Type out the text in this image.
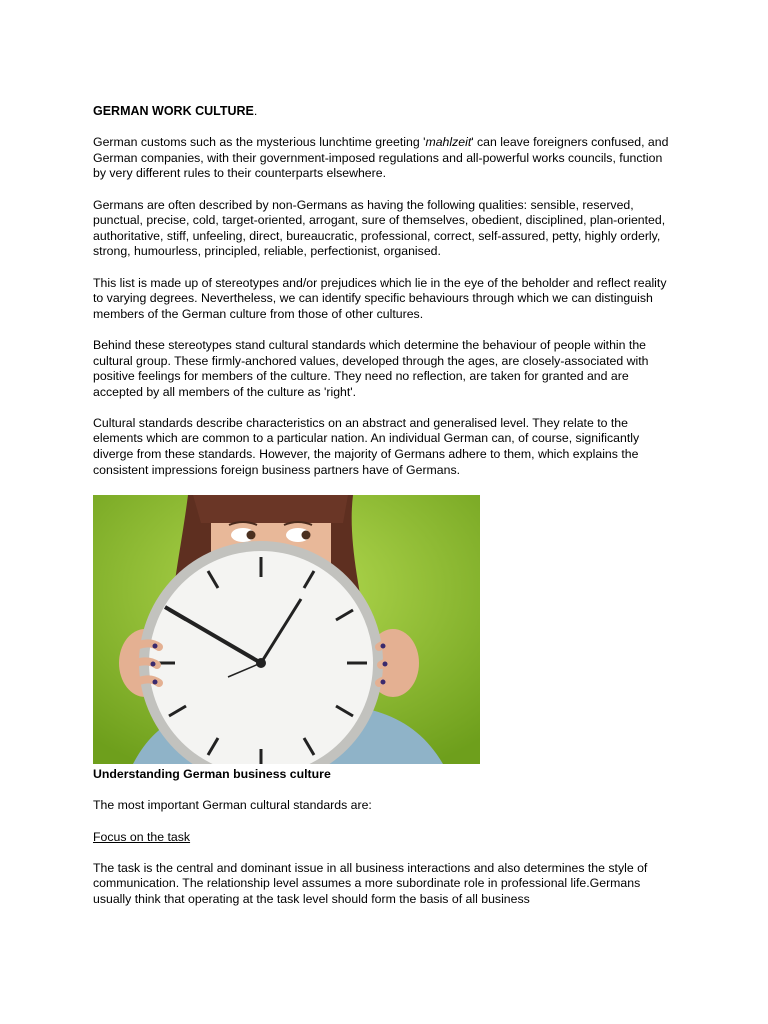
GERMAN WORK CULTURE.

German customs such as the mysterious lunchtime greeting 'mahlzeit' can leave foreigners confused, and German companies, with their government-imposed regulations and all-powerful works councils, function by very different rules to their counterparts elsewhere.

Germans are often described by non-Germans as having the following qualities: sensible, reserved, punctual, precise, cold, target-oriented, arrogant, sure of themselves, obedient, disciplined, plan-oriented, authoritative, stiff, unfeeling, direct, bureaucratic, professional, correct, self-assured, petty, highly orderly, strong, humourless, principled, reliable, perfectionist, organised.

This list is made up of stereotypes and/or prejudices which lie in the eye of the beholder and reflect reality to varying degrees. Nevertheless, we can identify specific behaviours through which we can distinguish members of the German culture from those of other cultures.

Behind these stereotypes stand cultural standards which determine the behaviour of people within the cultural group. These firmly-anchored values, developed through the ages, are closely-associated with positive feelings for members of the culture. They need no reflection, are taken for granted and are accepted by all members of the culture as 'right'.

Cultural standards describe characteristics on an abstract and generalised level. They relate to the elements which are common to a particular nation. An individual German can, of course, significantly diverge from these standards. However, the majority of Germans adhere to them, which explains the consistent impressions foreign business partners have of Germans.

Understanding German business culture

The most important German cultural standards are:

Focus on the task

The task is the central and dominant issue in all business interactions and also determines the style of communication. The relationship level assumes a more subordinate role in professional life.Germans usually think that operating at the task level should form the basis of all business
